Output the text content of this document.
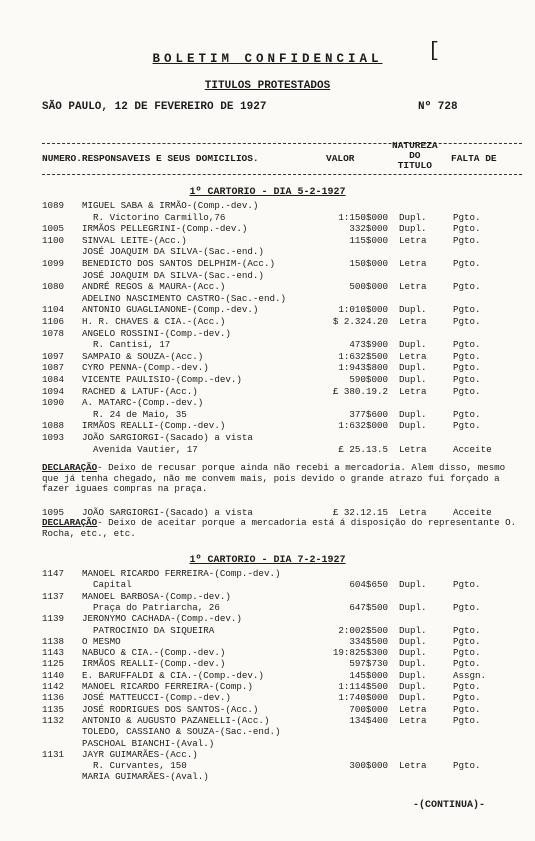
BOLETIM CONFIDENCIAL	[
TITULOS PROTESTADOS
SÃO PAULO, 12 DE FEVEREIRO DE 1927	Nº 728
NUMERO.RESPONSAVEIS E SEUS DOMICILIOS.	VALOR
NATUREZA
DO
TITULO
FALTA DE
1º CARTORIO - DIA 5-2-1927
1089 MIGUEL SABA & IRMÃO-(Comp.-dev.)
R. Victorino Carmillo,76	1:150$000 Dupl.	Pgto.
1005 IRMÃOS PELLEGRINI-(Comp.-dev.)	332$000 Dupl.	Pgto.
1100 SINVAL LEITE-(Acc.)	115$000 Letra	Pgto.
JOSÉ JOAQUIM DA SILVA-(Sac.-end.)
1099 BENEDICTO DOS SANTOS DELPHIM-(Acc.)	150$000 Letra	Pgto.
JOSÉ JOAQUIM DA SILVA-(Sac.-end.)
1080 ANDRÉ REGOS & MAURA-(Acc.)	500$000 Letra	Pgto.
ADELINO NASCIMENTO CASTRO-(Sac.-end.)
1104 ANTONIO GUAGLIANONE-(Comp.-dev.)	1:010$000 Dupl.	Pgto.
1106 H. R. CHAVES & CIA.-(Acc.)	$ 2.324.20 Letra	Pgto.
1078 ANGELO ROSSINI-(Comp.-dev.)
R. Cantisi, 17	473$900 Dupl.	Pgto.
1097 SAMPAIO & SOUZA-(Acc.)	1:632$500 Letra	Pgto.
1087 CYRO PENNA-(Comp.-dev.)	1:943$800 Dupl.	Pgto.
1084 VICENTE PAULISIO-(Comp.-dev.)	590$000 Dupl.	Pgto.
1094 RACHED & LATUF-(Acc.)	£ 380.19.2 Letra	Pgto.
1090 A. MATARC-(Comp.-dev.)
R. 24 de Maio, 35	377$600 Dupl.	Pgto.
1088 IRMÃOS REALLI-(Comp.-dev.)	1:632$000 Dupl.	Pgto.
1093 JOÃO SARGIORGI-(Sacado) a vista
Avenida Vautier, 17	£ 25.13.5 Letra	Acceite
DECLARAÇÃO- Deixo de recusar porque ainda não recebi a mercadoria. Alem disso, mesmo que já tenha chegado, não me convem mais, pois devido o grande atrazo fui forçado a fazer iguaes compras na praça.
1095 JOÃO SARGIORGI-(Sacado) a vista	£ 32.12.15 Letra	Acceite
DECLARAÇÃO- Deixo de aceitar porque a mercadoria está á disposição do representante O. Rocha, etc., etc.
1º CARTORIO - DIA 7-2-1927
1147 MANOEL RICARDO FERREIRA-(Comp.-dev.)
Capital	604$650 Dupl.	Pgto.
1137 MANOEL BARBOSA-(Comp.-dev.)
Praça do Patriarcha, 26	647$500 Dupl.	Pgto.
1139 JERONYMO CACHADA-(Comp.-dev.)
PATROCINIO DA SIQUEIRA	2:002$500 Dupl.	Pgto.
1138 O MESMO	334$500 Dupl.	Pgto.
1143 NABUCO & CIA.-(Comp.-dev.)	19:825$300 Dupl.	Pgto.
1125 IRMÃOS REALLI-(Comp.-dev.)	597$730 Dupl.	Pgto.
1140 E. BARUFFALDI & CIA.-(Comp.-dev.)	145$000 Dupl.	Assgn.
1142 MANOEL RICARDO FERREIRA-(Comp.)	1:114$500 Dupl.	Pgto.
1136 JOSÉ MATTEUCCI-(Comp.-dev.)	1:740$000 Dupl.	Pgto.
1135 JOSÉ RODRIGUES DOS SANTOS-(Acc.)	700$000 Letra	Pgto.
1132 ANTONIO & AUGUSTO PAZANELLI-(Acc.)	134$400 Letra	Pgto.
TOLEDO, CASSIANO & SOUZA-(Sac.-end.)
PASCHOAL BIANCHI-(Aval.)
1131 JAYR GUIMARÃES-(Acc.)
R. Curvantes, 150	300$000 Letra	Pgto.
MARIA GUIMARÃES-(Aval.)
-(CONTINUA)-
